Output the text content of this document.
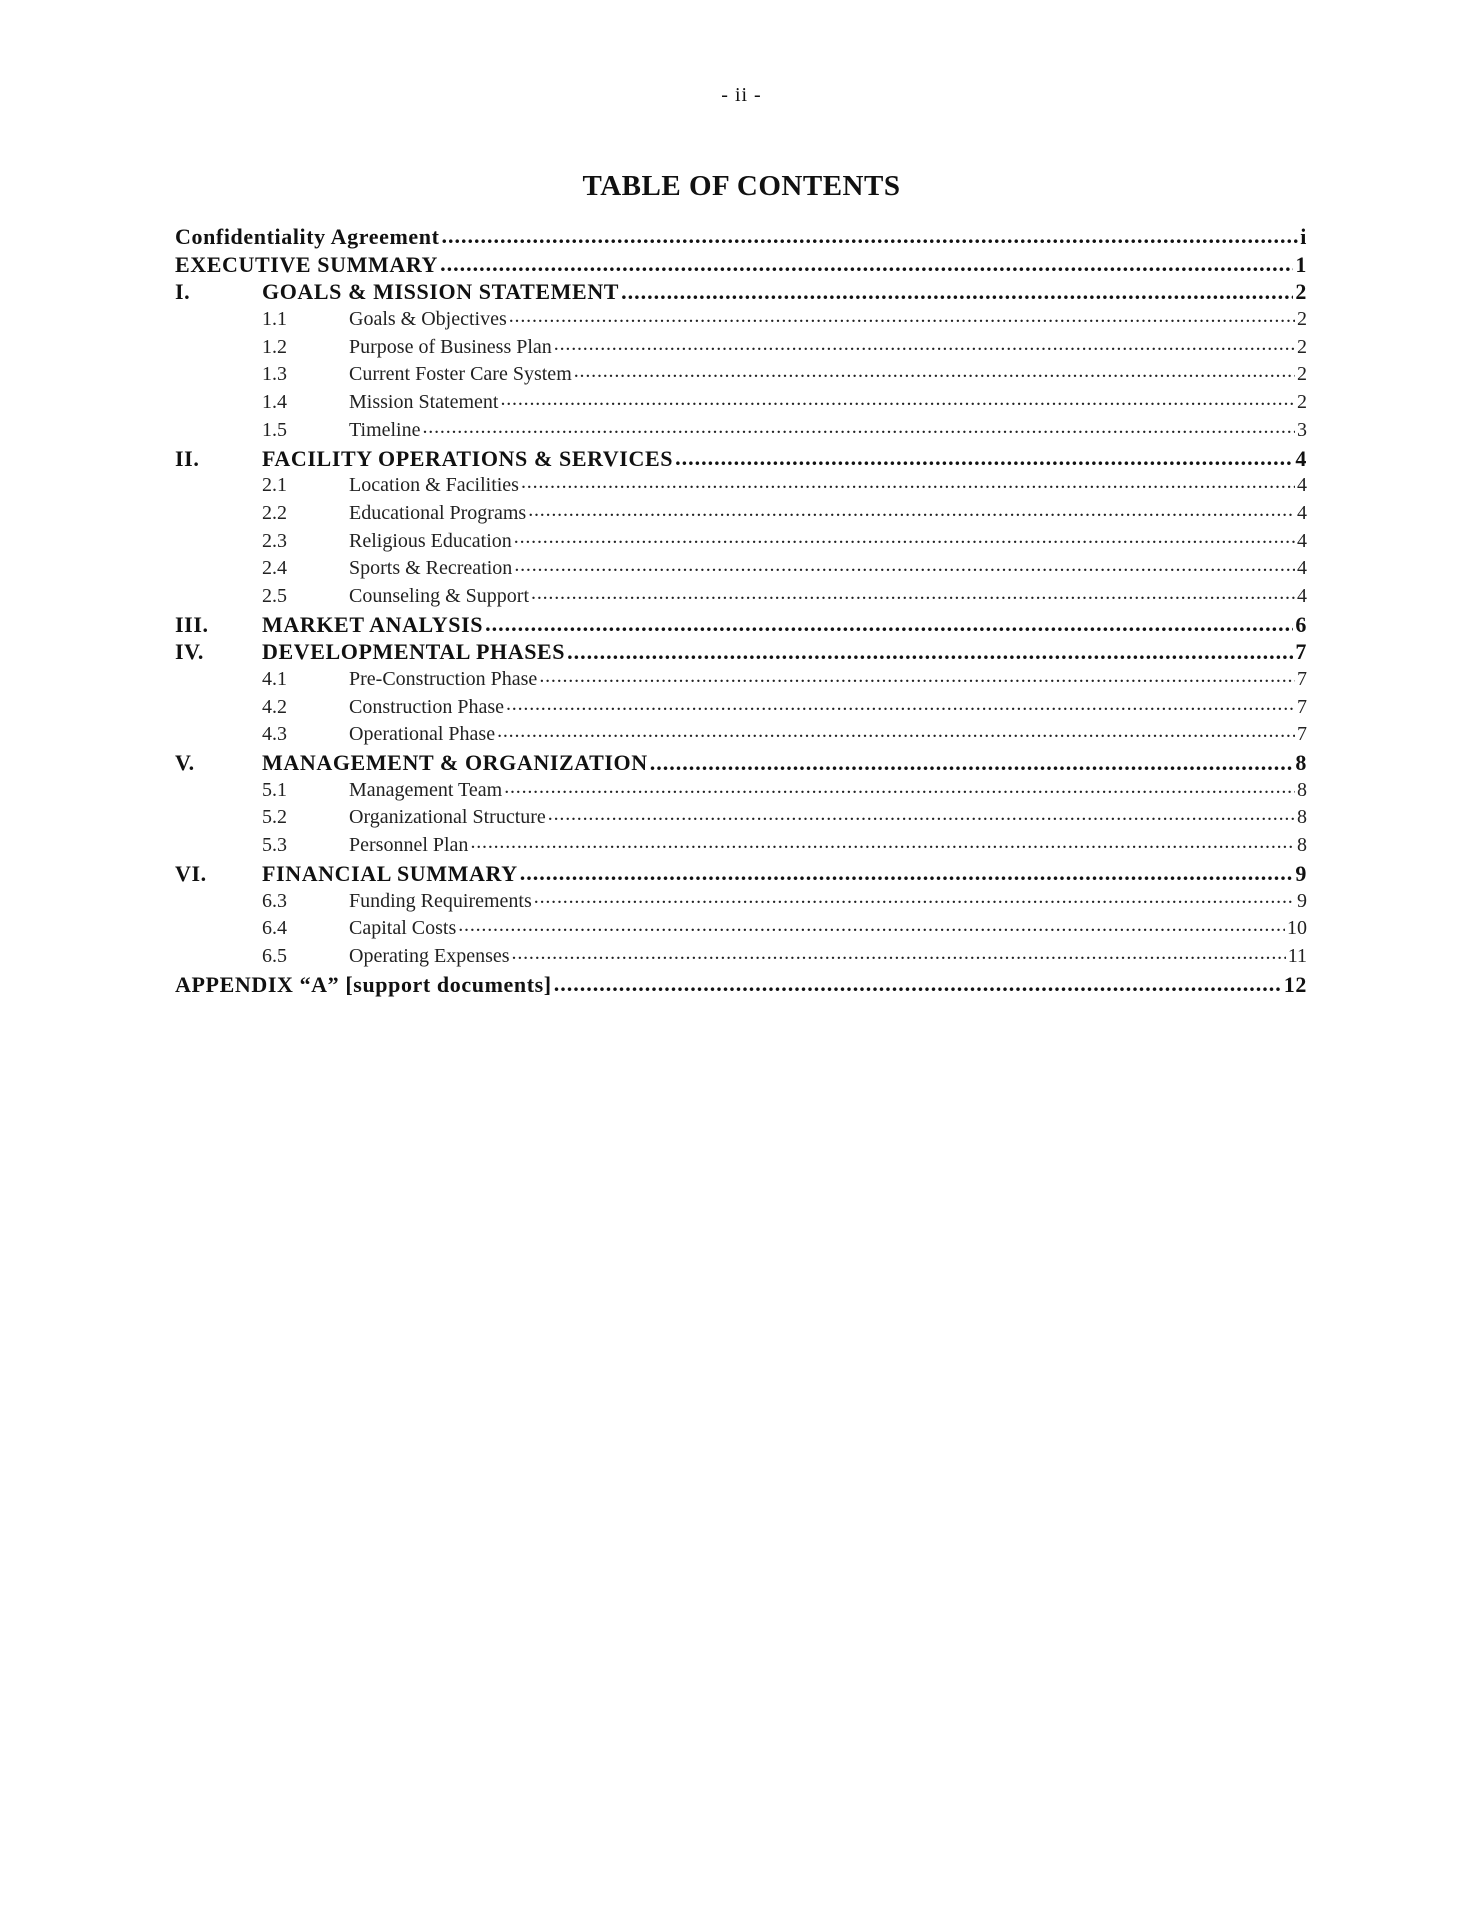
- ii -
TABLE OF CONTENTS
Confidentiality Agreement .....	i
EXECUTIVE SUMMARY .....	1
I.	GOALS & MISSION STATEMENT .....	2
1.1	Goals & Objectives .....	2
1.2	Purpose of Business Plan .....	2
1.3	Current Foster Care System .....	2
1.4	Mission Statement .....	2
1.5	Timeline .....	3
II.	FACILITY OPERATIONS & SERVICES .....	4
2.1	Location & Facilities .....	4
2.2	Educational Programs .....	4
2.3	Religious Education .....	4
2.4	Sports & Recreation .....	4
2.5	Counseling & Support .....	4
III.	MARKET ANALYSIS .....	6
IV.	DEVELOPMENTAL PHASES .....	7
4.1	Pre-Construction Phase .....	7
4.2	Construction Phase .....	7
4.3	Operational Phase .....	7
V.	MANAGEMENT & ORGANIZATION .....	8
5.1	Management Team .....	8
5.2	Organizational Structure .....	8
5.3	Personnel Plan .....	8
VI.	FINANCIAL SUMMARY .....	9
6.3	Funding Requirements .....	9
6.4	Capital Costs .....	10
6.5	Operating Expenses .....	11
APPENDIX “A” [support documents] .....	12
